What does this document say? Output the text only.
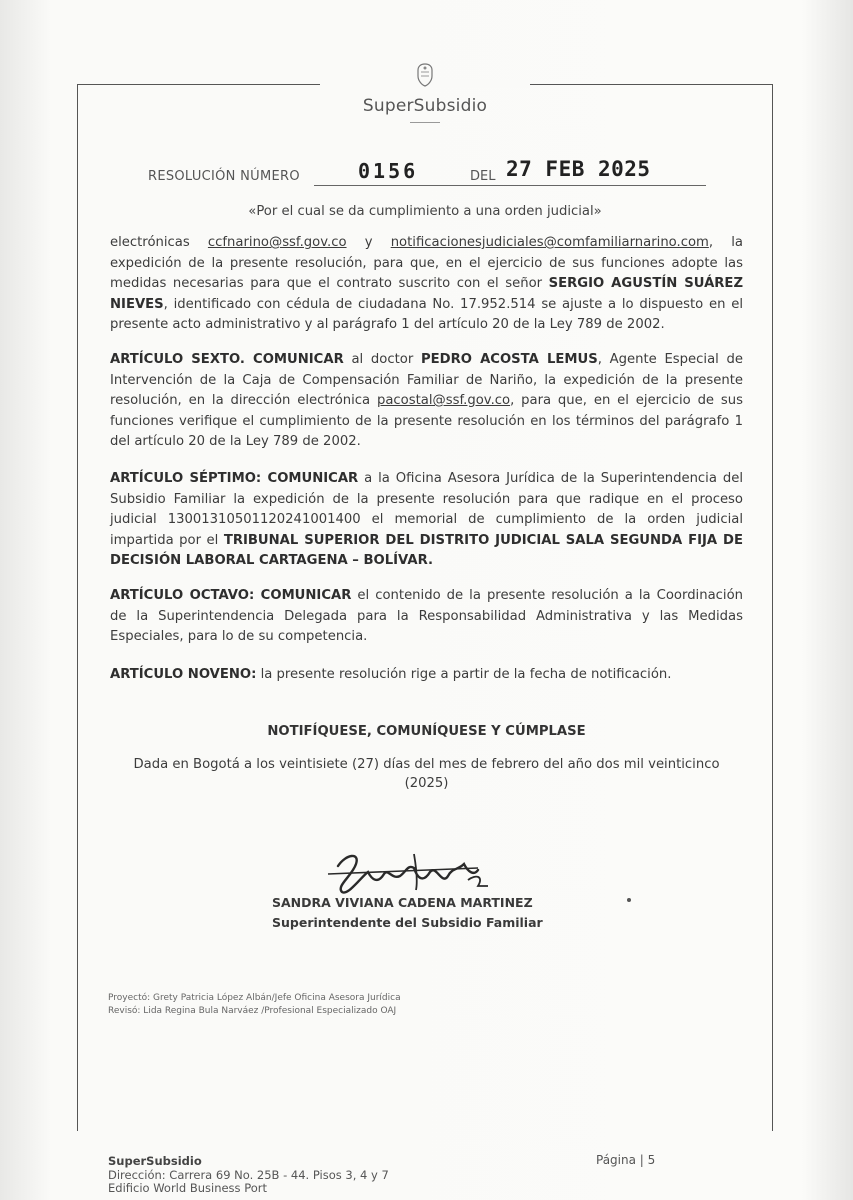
SuperSubsidio
RESOLUCIÓN NÚMERO	0156	DEL 27 FEB 2025
«Por el cual se da cumplimiento a una orden judicial»

electrónicas ccfnarino@ssf.gov.co y notificacionesjudiciales@comfamiliarnarino.com, la expedición de la presente resolución, para que, en el ejercicio de sus funciones adopte las medidas necesarias para que el contrato suscrito con el señor SERGIO AGUSTÍN SUÁREZ NIEVES, identificado con cédula de ciudadana No. 17.952.514 se ajuste a lo dispuesto en el presente acto administrativo y al parágrafo 1 del artículo 20 de la Ley 789 de 2002.

ARTÍCULO SEXTO. COMUNICAR al doctor PEDRO ACOSTA LEMUS, Agente Especial de Intervención de la Caja de Compensación Familiar de Nariño, la expedición de la presente resolución, en la dirección electrónica pacostal@ssf.gov.co, para que, en el ejercicio de sus funciones verifique el cumplimiento de la presente resolución en los términos del parágrafo 1 del artículo 20 de la Ley 789 de 2002.

ARTÍCULO SÉPTIMO: COMUNICAR a la Oficina Asesora Jurídica de la Superintendencia del Subsidio Familiar la expedición de la presente resolución para que radique en el proceso judicial 13001310501120241001400 el memorial de cumplimiento de la orden judicial impartida por el TRIBUNAL SUPERIOR DEL DISTRITO JUDICIAL SALA SEGUNDA FIJA DE DECISIÓN LABORAL CARTAGENA – BOLÍVAR.

ARTÍCULO OCTAVO: COMUNICAR el contenido de la presente resolución a la Coordinación de la Superintendencia Delegada para la Responsabilidad Administrativa y las Medidas Especiales, para lo de su competencia.

ARTÍCULO NOVENO: la presente resolución rige a partir de la fecha de notificación.

NOTIFÍQUESE, COMUNÍQUESE Y CÚMPLASE
Dada en Bogotá a los veintisiete (27) días del mes de febrero del año dos mil veinticinco
(2025)
SANDRA VIVIANA CADENA MARTINEZ
Superintendente del Subsidio Familiar
Proyectó: Grety Patricia López Albán/Jefe Oficina Asesora Jurídica
Revisó: Lida Regina Bula Narváez /Profesional Especializado OAJ
SuperSubsidio
Dirección: Carrera 69 No. 25B - 44. Pisos 3, 4 y 7
Edificio World Business Port
Página | 5
